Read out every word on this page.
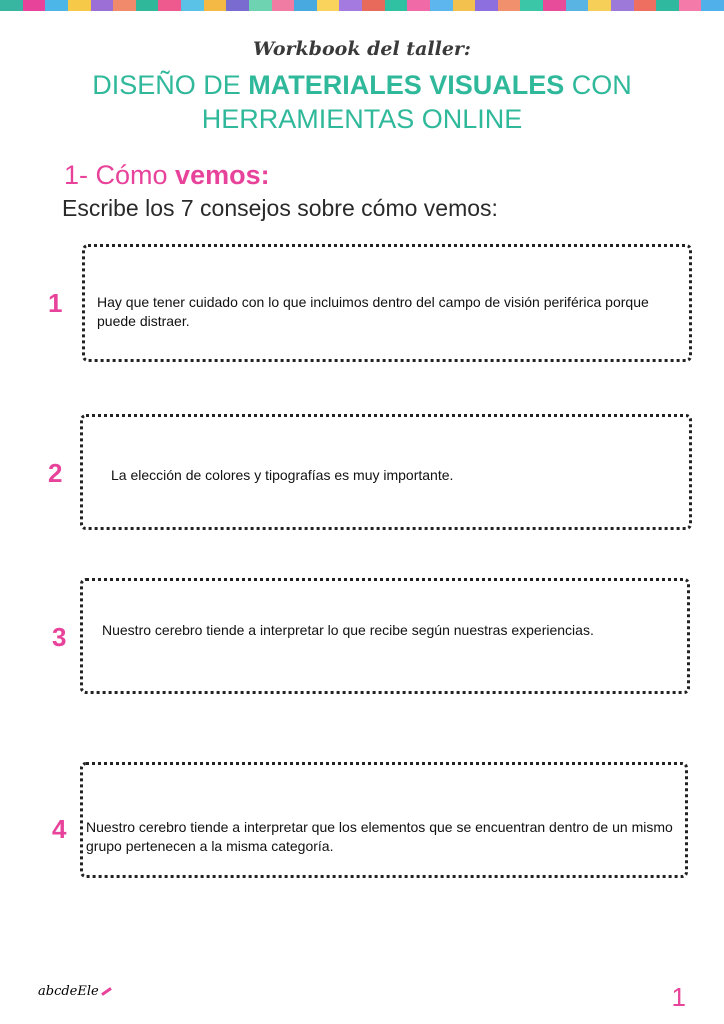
Workbook del taller:
DISEÑO DE MATERIALES VISUALES CON
HERRAMIENTAS ONLINE
1- Cómo vemos:
Escribe los 7 consejos sobre cómo vemos:
1 Hay que tener cuidado con lo que incluimos dentro del campo de visión periférica porque puede distraer.
2	La elección de colores y tipografías es muy importante.
3	Nuestro cerebro tiende a interpretar lo que recibe según nuestras experiencias.
4 Nuestro cerebro tiende a interpretar que los elementos que se encuentran dentro de un mismo grupo pertenecen a la misma categoría.
abcdeEle	1
